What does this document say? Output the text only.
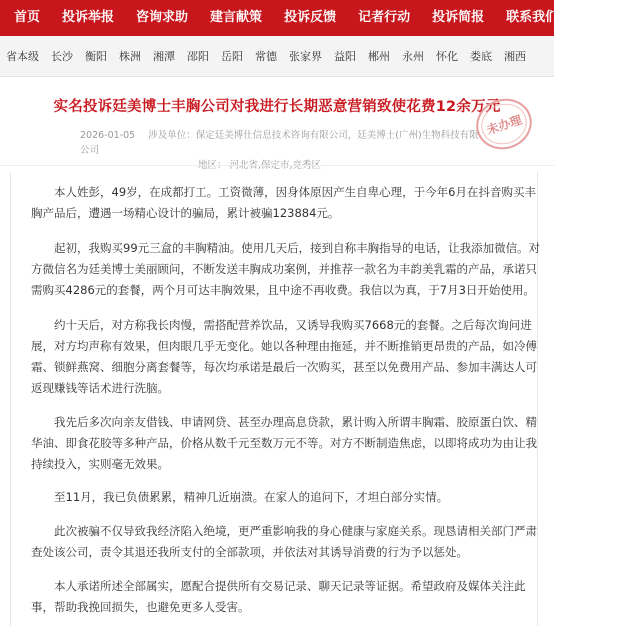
首页	投诉举报	咨询求助	建言献策	投诉反馈	记者行动	投诉简报	联系我们	在线
省本级	长沙	衡阳	株洲	湘潭	邵阳	岳阳	常德	张家界	益阳	郴州	永州	怀化	娄底	湘西
实名投诉廷美博士丰胸公司对我进行长期恶意营销致使花费12余万元
2026-01-05 涉及单位：保定廷美博仕信息技术咨询有限公司，廷美博士(广州)生物科技有限公司
未办理

本人姓彭，49岁，在成都打工。工资微薄，因身体原因产生自卑心理，于今年6月在抖音购买丰胸产品后，遭遇一场精心设计的骗局，累计被骗123884元。

起初，我购买99元三盒的丰胸精油。使用几天后，接到自称丰胸指导的电话，让我添加微信。对方微信名为廷美博士美丽顾问，不断发送丰胸成功案例，并推荐一款名为丰韵美乳霜的产品，承诺只需购买4286元的套餐，两个月可达丰胸效果，且中途不再收费。我信以为真，于7月3日开始使用。

约十天后，对方称我长肉慢，需搭配营养饮品，又诱导我购买7668元的套餐。之后每次询问进展，对方均声称有效果，但肉眼几乎无变化。她以各种理由拖延，并不断推销更昂贵的产品，如冷傅霜、锁鲜燕窝、细胞分离套餐等，每次均承诺是最后一次购买，甚至以免费用产品、参加丰满达人可返现赚钱等话术进行洗脑。

我先后多次向亲友借钱、申请网贷、甚至办理高息贷款，累计购入所谓丰胸霜、胶原蛋白饮、精华油、即食花胶等多种产品，价格从数千元至数万元不等。对方不断制造焦虑，以即将成功为由让我持续投入，实则毫无效果。

至11月，我已负债累累，精神几近崩溃。在家人的追问下，才坦白部分实情。

此次被骗不仅导致我经济陷入绝境，更严重影响我的身心健康与家庭关系。现恳请相关部门严肃查处该公司，责令其退还我所支付的全部款项，并依法对其诱导消费的行为予以惩处。

本人承诺所述全部属实，愿配合提供所有交易记录、聊天记录等证据。希望政府及媒体关注此事，帮助我挽回损失，也避免更多人受害。
